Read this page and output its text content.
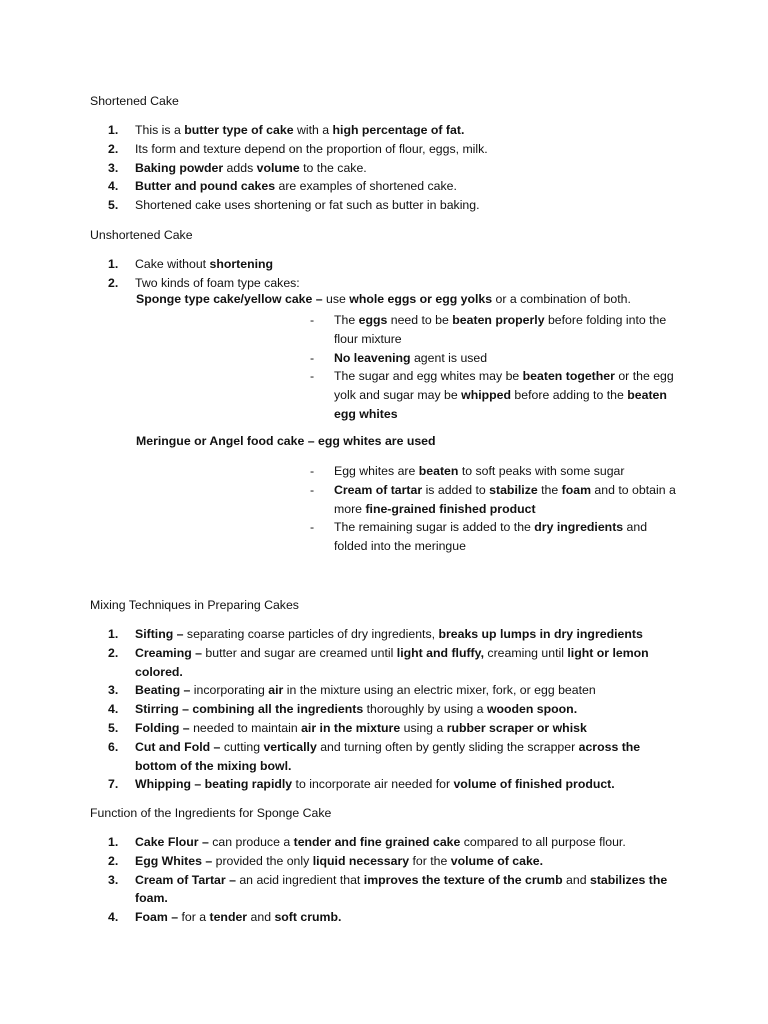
Shortened Cake
1.	This is a butter type of cake with a high percentage of fat.
2.	Its form and texture depend on the proportion of flour, eggs, milk.
3.	Baking powder adds volume to the cake.
4.	Butter and pound cakes are examples of shortened cake.
5.	Shortened cake uses shortening or fat such as butter in baking.
Unshortened Cake
1.	Cake without shortening
2.	Two kinds of foam type cakes:
Sponge type cake/yellow cake – use whole eggs or egg yolks or a combination of both.
-	The eggs need to be beaten properly before folding into the flour mixture
-	No leavening agent is used
-	The sugar and egg whites may be beaten together or the egg yolk and sugar may be whipped before adding to the beaten egg whites
Meringue or Angel food cake – egg whites are used
-	Egg whites are beaten to soft peaks with some sugar
-	Cream of tartar is added to stabilize the foam and to obtain a more fine-grained finished product
-	The remaining sugar is added to the dry ingredients and folded into the meringue
Mixing Techniques in Preparing Cakes
1.	Sifting – separating coarse particles of dry ingredients, breaks up lumps in dry ingredients
2.	Creaming – butter and sugar are creamed until light and fluffy, creaming until light or lemon colored.
3.	Beating – incorporating air in the mixture using an electric mixer, fork, or egg beaten
4.	Stirring – combining all the ingredients thoroughly by using a wooden spoon.
5.	Folding – needed to maintain air in the mixture using a rubber scraper or whisk
6.	Cut and Fold – cutting vertically and turning often by gently sliding the scrapper across the bottom of the mixing bowl.
7.	Whipping – beating rapidly to incorporate air needed for volume of finished product.
Function of the Ingredients for Sponge Cake
1.	Cake Flour – can produce a tender and fine grained cake compared to all purpose flour.
2.	Egg Whites – provided the only liquid necessary for the volume of cake.
3.	Cream of Tartar – an acid ingredient that improves the texture of the crumb and stabilizes the foam.
4.	Foam – for a tender and soft crumb.
